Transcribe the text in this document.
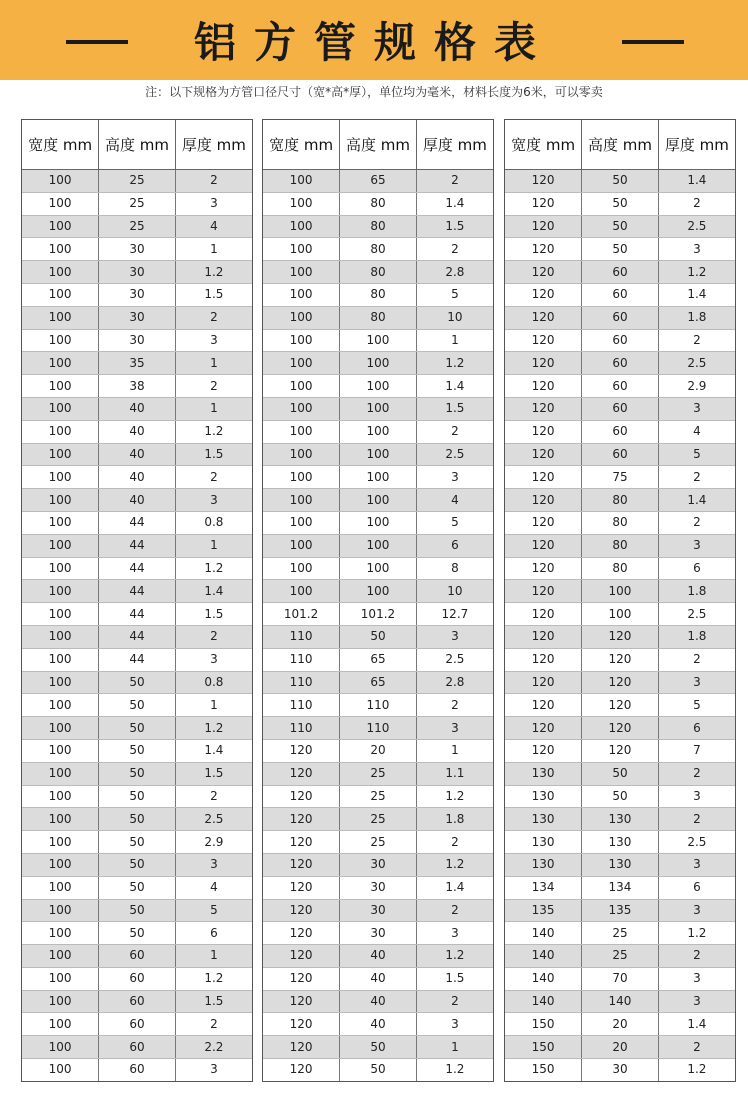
铝方管规格表
注：以下规格为方管口径尺寸（宽*高*厚），单位均为毫米，材料长度为6米，可以零卖
宽度 mm	高度 mm	厚度 mm
100	25	2
100	25	3
100	25	4
100	30	1
100	30	1.2
100	30	1.5
100	30	2
100	30	3
100	35	1
100	38	2
100	40	1
100	40	1.2
100	40	1.5
100	40	2
100	40	3
100	44	0.8
100	44	1
100	44	1.2
100	44	1.4
100	44	1.5
100	44	2
100	44	3
100	50	0.8
100	50	1
100	50	1.2
100	50	1.4
100	50	1.5
100	50	2
100	50	2.5
100	50	2.9
100	50	3
100	50	4
100	50	5
100	50	6
100	60	1
100	60	1.2
100	60	1.5
100	60	2
100	60	2.2
100	60	3
宽度 mm	高度 mm	厚度 mm
100	65	2
100	80	1.4
100	80	1.5
100	80	2
100	80	2.8
100	80	5
100	80	10
100	100	1
100	100	1.2
100	100	1.4
100	100	1.5
100	100	2
100	100	2.5
100	100	3
100	100	4
100	100	5
100	100	6
100	100	8
100	100	10
101.2	101.2	12.7
110	50	3
110	65	2.5
110	65	2.8
110	110	2
110	110	3
120	20	1
120	25	1.1
120	25	1.2
120	25	1.8
120	25	2
120	30	1.2
120	30	1.4
120	30	2
120	30	3
120	40	1.2
120	40	1.5
120	40	2
120	40	3
120	50	1
120	50	1.2
宽度 mm	高度 mm	厚度 mm
120	50	1.4
120	50	2
120	50	2.5
120	50	3
120	60	1.2
120	60	1.4
120	60	1.8
120	60	2
120	60	2.5
120	60	2.9
120	60	3
120	60	4
120	60	5
120	75	2
120	80	1.4
120	80	2
120	80	3
120	80	6
120	100	1.8
120	100	2.5
120	120	1.8
120	120	2
120	120	3
120	120	5
120	120	6
120	120	7
130	50	2
130	50	3
130	130	2
130	130	2.5
130	130	3
134	134	6
135	135	3
140	25	1.2
140	25	2
140	70	3
140	140	3
150	20	1.4
150	20	2
150	30	1.2
